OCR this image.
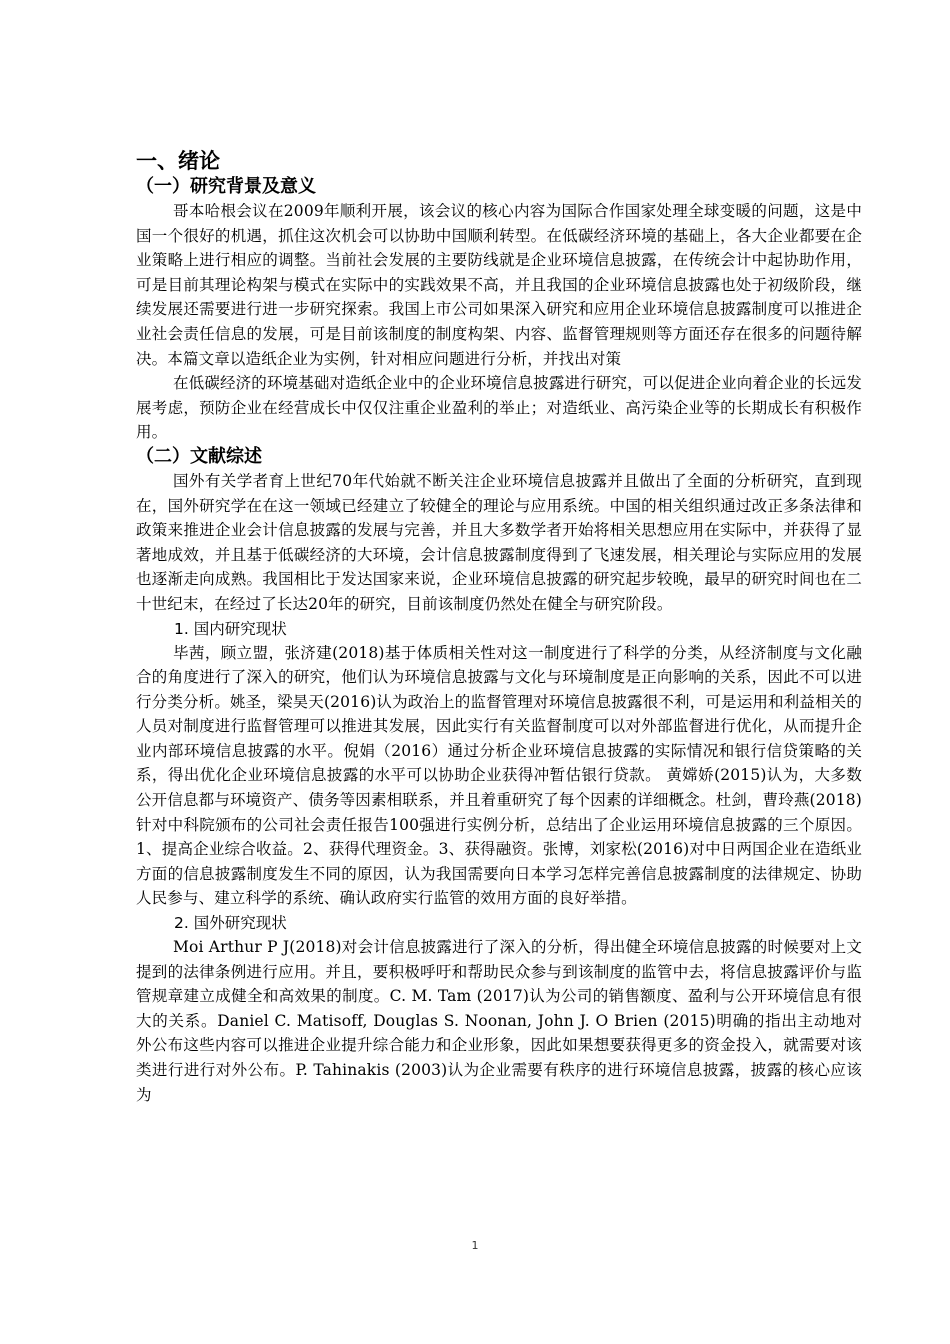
一、绪论
（一）研究背景及意义

哥本哈根会议在2009年顺利开展，该会议的核心内容为国际合作国家处理全球变暖的问题，这是中国一个很好的机遇，抓住这次机会可以协助中国顺利转型。在低碳经济环境的基础上，各大企业都要在企业策略上进行相应的调整。当前社会发展的主要防线就是企业环境信息披露，在传统会计中起协助作用，可是目前其理论构架与模式在实际中的实践效果不高，并且我国的企业环境信息披露也处于初级阶段，继续发展还需要进行进一步研究探索。我国上市公司如果深入研究和应用企业环境信息披露制度可以推进企业社会责任信息的发展，可是目前该制度的制度构架、内容、监督管理规则等方面还存在很多的问题待解决。本篇文章以造纸企业为实例，针对相应问题进行分析，并找出对策

在低碳经济的环境基础对造纸企业中的企业环境信息披露进行研究，可以促进企业向着企业的长远发展考虑，预防企业在经营成长中仅仅注重企业盈利的举止；对造纸业、高污染企业等的长期成长有积极作用。

（二）文献综述

国外有关学者育上世纪70年代始就不断关注企业环境信息披露并且做出了全面的分析研究，直到现在，国外研究学在在这一领域已经建立了较健全的理论与应用系统。中国的相关组织通过改正多条法律和政策来推进企业会计信息披露的发展与完善，并且大多数学者开始将相关思想应用在实际中，并获得了显著地成效，并且基于低碳经济的大环境，会计信息披露制度得到了飞速发展，相关理论与实际应用的发展也逐渐走向成熟。我国相比于发达国家来说，企业环境信息披露的研究起步较晚，最早的研究时间也在二十世纪末，在经过了长达20年的研究，目前该制度仍然处在健全与研究阶段。

1. 国内研究现状

毕茜，顾立盟，张济建(2018)基于体质相关性对这一制度进行了科学的分类，从经济制度与文化融合的角度进行了深入的研究，他们认为环境信息披露与文化与环境制度是正向影响的关系，因此不可以进行分类分析。姚圣，梁昊天(2016)认为政治上的监督管理对环境信息披露很不利，可是运用和利益相关的人员对制度进行监督管理可以推进其发展，因此实行有关监督制度可以对外部监督进行优化，从而提升企业内部环境信息披露的水平。倪娟（2016）通过分析企业环境信息披露的实际情况和银行信贷策略的关系，得出优化企业环境信息披露的水平可以协助企业获得冲暂估银行贷款。 黄嫦娇(2015)认为，大多数公开信息都与环境资产、债务等因素相联系，并且着重研究了每个因素的详细概念。杜剑，曹玲燕(2018)针对中科院颁布的公司社会责任报告100强进行实例分析，总结出了企业运用环境信息披露的三个原因。1、提高企业综合收益。2、获得代理资金。3、获得融资。张博，刘家松(2016)对中日两国企业在造纸业方面的信息披露制度发生不同的原因，认为我国需要向日本学习怎样完善信息披露制度的法律规定、协助人民参与、建立科学的系统、确认政府实行监管的效用方面的良好举措。

2. 国外研究现状

Moi Arthur P J(2018)对会计信息披露进行了深入的分析，得出健全环境信息披露的时候要对上文提到的法律条例进行应用。并且，要积极呼吁和帮助民众参与到该制度的监管中去，将信息披露评价与监管规章建立成健全和高效果的制度。C. M. Tam (2017)认为公司的销售额度、盈利与公开环境信息有很大的关系。Daniel C. Matisoff, Douglas S. Noonan, John J. O Brien (2015)明确的指出主动地对外公布这些内容可以推进企业提升综合能力和企业形象，因此如果想要获得更多的资金投入，就需要对该类进行进行对外公布。P. Tahinakis (2003)认为企业需要有秩序的进行环境信息披露，披露的核心应该为

1
